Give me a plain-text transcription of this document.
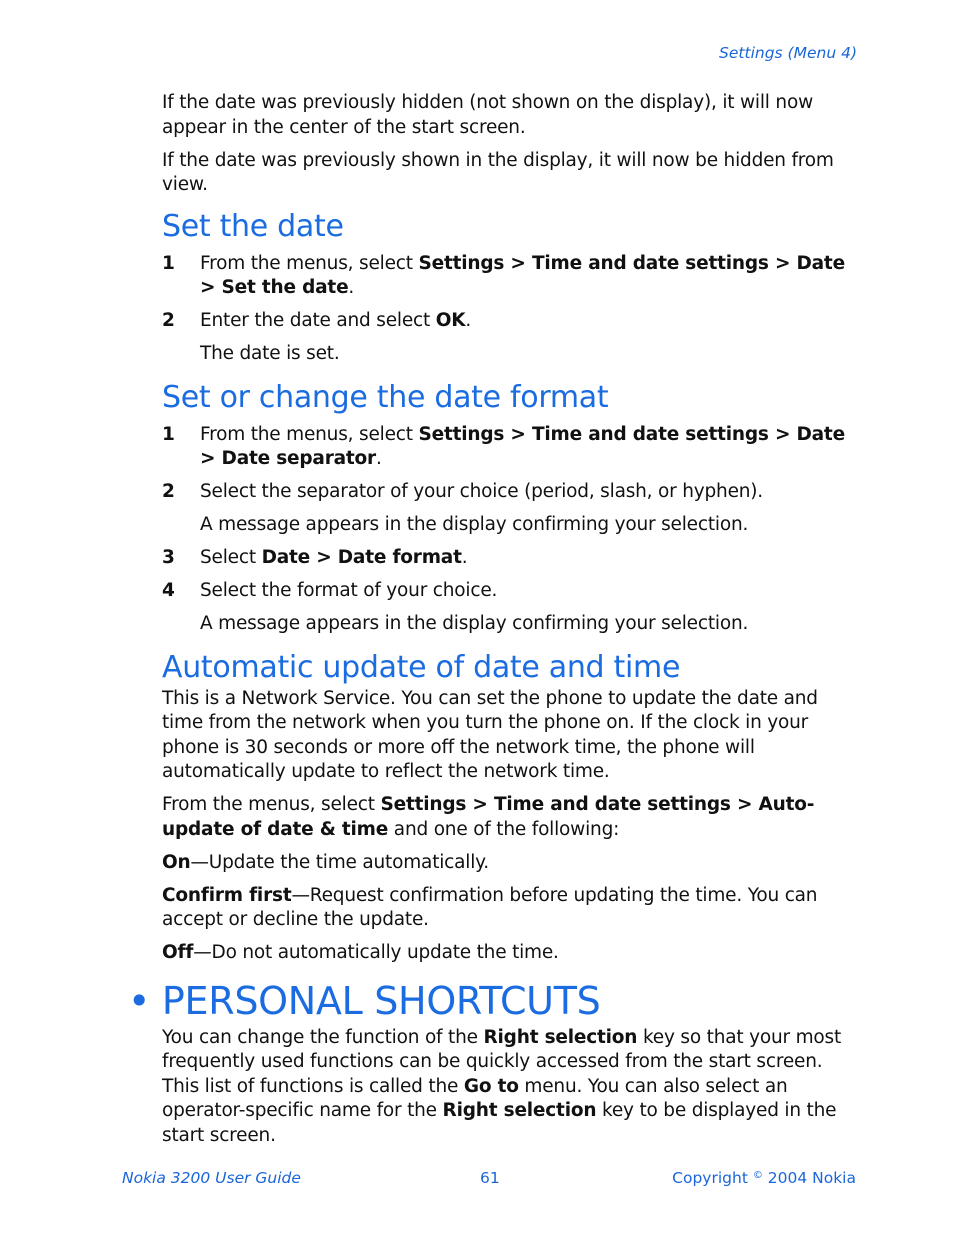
Settings (Menu 4)

If the date was previously hidden (not shown on the display), it will now appear in the center of the start screen.

If the date was previously shown in the display, it will now be hidden from view.

Set the date
1 From the menus, select Settings > Time and date settings > Date > Set the date.
2 Enter the date and select OK.
The date is set.
Set or change the date format
1 From the menus, select Settings > Time and date settings > Date > Date separator.
2 Select the separator of your choice (period, slash, or hyphen).
A message appears in the display confirming your selection.
3 Select Date > Date format.
4 Select the format of your choice.
A message appears in the display confirming your selection.
Automatic update of date and time

This is a Network Service. You can set the phone to update the date and time from the network when you turn the phone on. If the clock in your phone is 30 seconds or more off the network time, the phone will automatically update to reflect the network time.

From the menus, select Settings > Time and date settings > Auto-update of date & time and one of the following:

On—Update the time automatically.

Confirm first—Request confirmation before updating the time. You can accept or decline the update.

Off—Do not automatically update the time.

• PERSONAL SHORTCUTS

You can change the function of the Right selection key so that your most frequently used functions can be quickly accessed from the start screen. This list of functions is called the Go to menu. You can also select an operator-specific name for the Right selection key to be displayed in the start screen.

Nokia 3200 User Guide	61	Copyright © 2004 Nokia
